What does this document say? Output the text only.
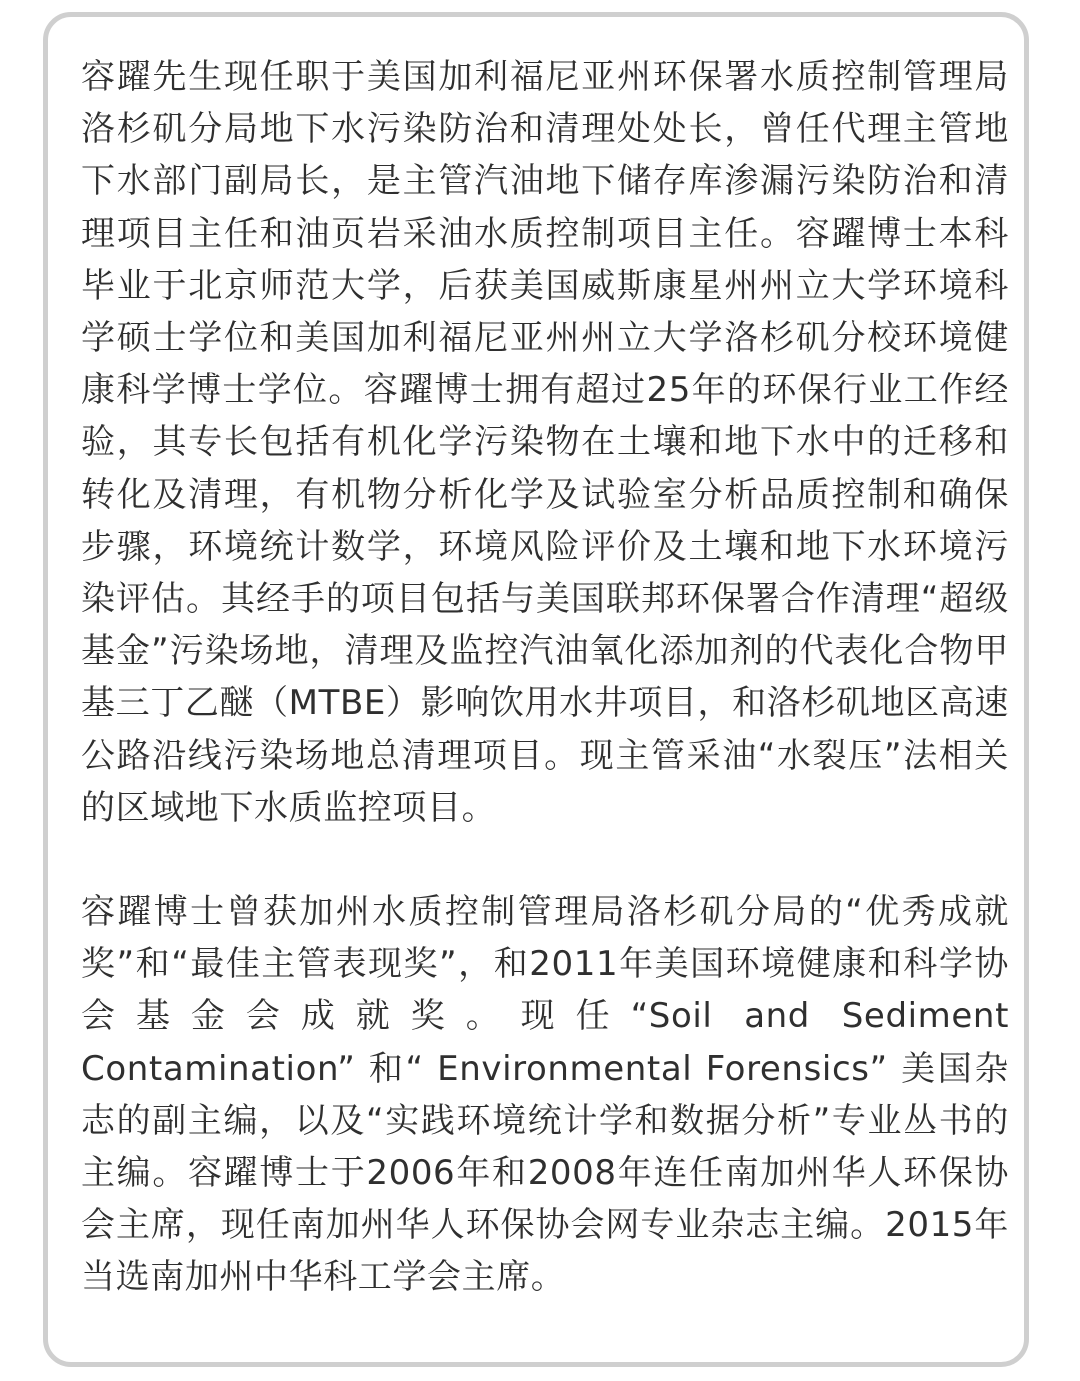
容躍先生现任职于美国加利福尼亚州环保署水质控制管理局洛杉矶分局地下水污染防治和清理处处长，曾任代理主管地下水部门副局长，是主管汽油地下储存库渗漏污染防治和清理项目主任和油页岩采油水质控制项目主任。容躍博士本科毕业于北京师范大学，后获美国威斯康星州州立大学环境科学硕士学位和美国加利福尼亚州州立大学洛杉矶分校环境健康科学博士学位。容躍博士拥有超过25年的环保行业工作经验，其专长包括有机化学污染物在土壤和地下水中的迁移和转化及清理，有机物分析化学及试验室分析品质控制和确保步骤，环境统计数学，环境风险评价及土壤和地下水环境污染评估。其经手的项目包括与美国联邦环保署合作清理“超级基金”污染场地，清理及监控汽油氧化添加剂的代表化合物甲基三丁乙醚（MTBE）影响饮用水井项目，和洛杉矶地区高速公路沿线污染场地总清理项目。现主管采油“水裂压”法相关的区域地下水质监控项目。

容躍博士曾获加州水质控制管理局洛杉矶分局的“优秀成就奖”和“最佳主管表现奖”，和2011年美国环境健康和科学协会基金会成就奖。现任“Soil and Sediment Contamination” 和“ Environmental Forensics” 美国杂志的副主编，以及“实践环境统计学和数据分析”专业丛书的主编。容躍博士于2006年和2008年连任南加州华人环保协会主席，现任南加州华人环保协会网专业杂志主编。2015年当选南加州中华科工学会主席。
